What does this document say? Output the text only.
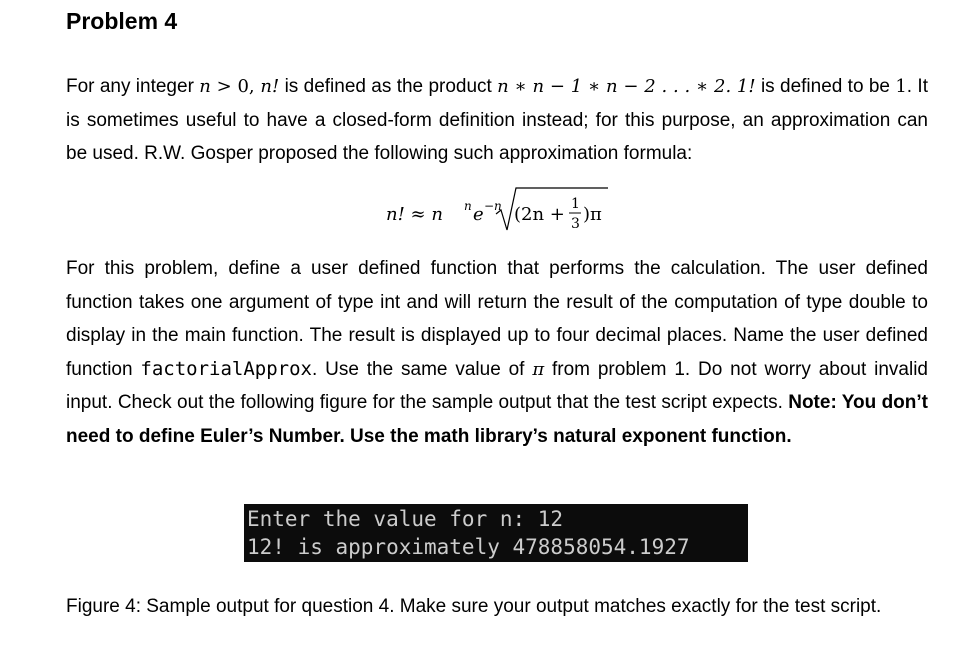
Problem 4
For any integer n > 0, n! is defined as the product n ∗ n − 1 ∗ n − 2 . . . ∗ 2. 1! is defined to be 1. It is sometimes useful to have a closed-form definition instead; for this purpose, an approximation can be used. R.W. Gosper proposed the following such approximation formula:
n! ≈ n n e −n (2n + 1
3 )π
For this problem, define a user defined function that performs the calculation. The user defined function takes one argument of type int and will return the result of the computation of type double to display in the main function. The result is displayed up to four decimal places. Name the user defined function factorialApprox. Use the same value of π from problem 1. Do not worry about invalid input. Check out the following figure for the sample output that the test script expects. Note: You don’t need to define Euler’s Number. Use the math library’s natural exponent function.
Enter the value for n: 12
12! is approximately 478858054.1927
Figure 4: Sample output for question 4. Make sure your output matches exactly for the test script.
